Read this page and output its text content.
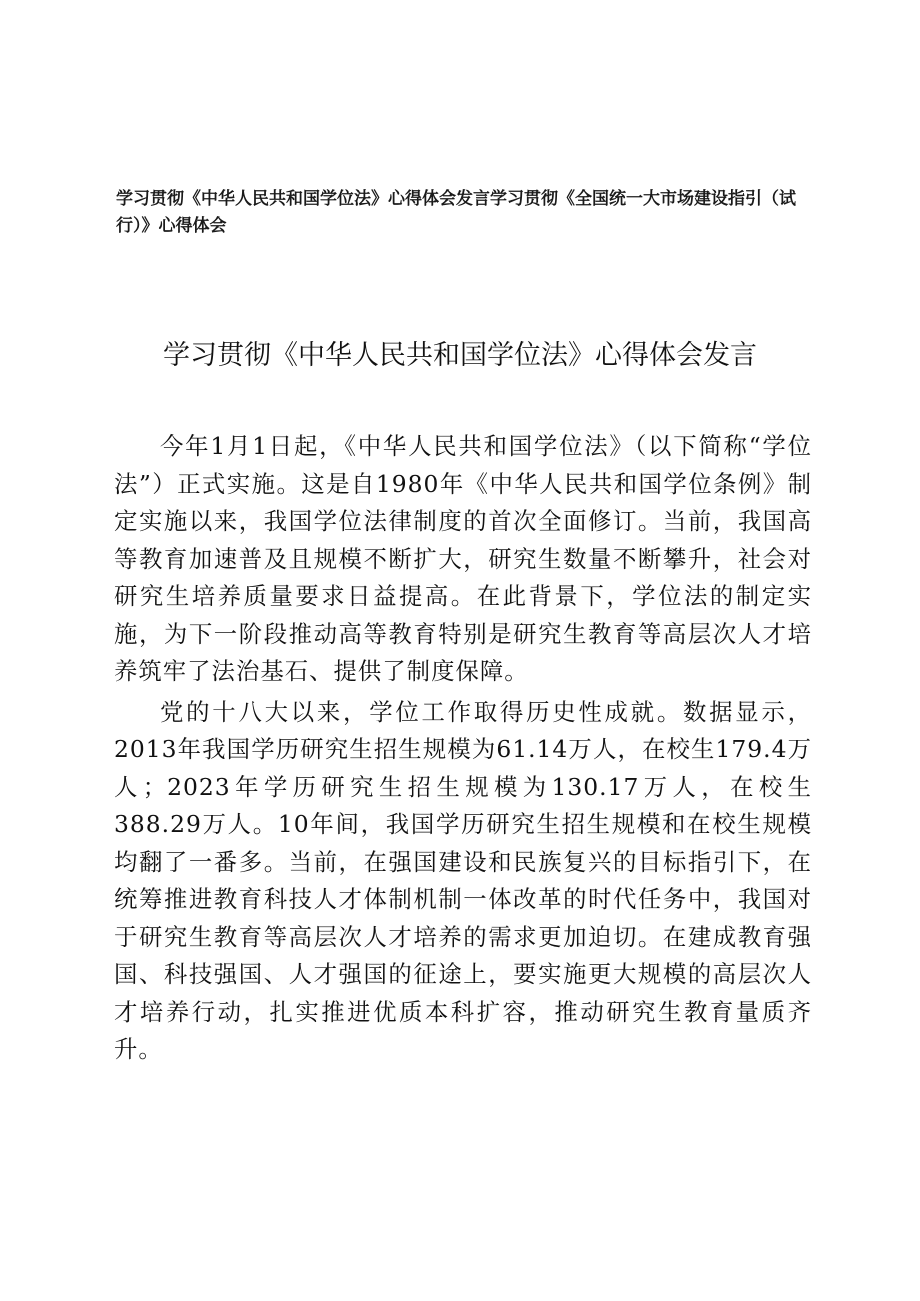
学习贯彻《中华人民共和国学位法》心得体会发言学习贯彻《全国统一大市场建设指引（试行）》心得体会

学习贯彻《中华人民共和国学位法》心得体会发言

今年1月1日起，《中华人民共和国学位法》（以下简称“学位法”）正式实施。这是自1980年《中华人民共和国学位条例》制定实施以来，我国学位法律制度的首次全面修订。当前，我国高等教育加速普及且规模不断扩大，研究生数量不断攀升，社会对研究生培养质量要求日益提高。在此背景下，学位法的制定实施，为下一阶段推动高等教育特别是研究生教育等高层次人才培养筑牢了法治基石、提供了制度保障。

党的十八大以来，学位工作取得历史性成就。数据显示，2013年我国学历研究生招生规模为61.14万人，在校生179.4万人；2023年学历研究生招生规模为130.17万人，在校生388.29万人。10年间，我国学历研究生招生规模和在校生规模均翻了一番多。当前，在强国建设和民族复兴的目标指引下，在统筹推进教育科技人才体制机制一体改革的时代任务中，我国对于研究生教育等高层次人才培养的需求更加迫切。在建成教育强国、科技强国、人才强国的征途上，要实施更大规模的高层次人才培养行动，扎实推进优质本科扩容，推动研究生教育量质齐升。
